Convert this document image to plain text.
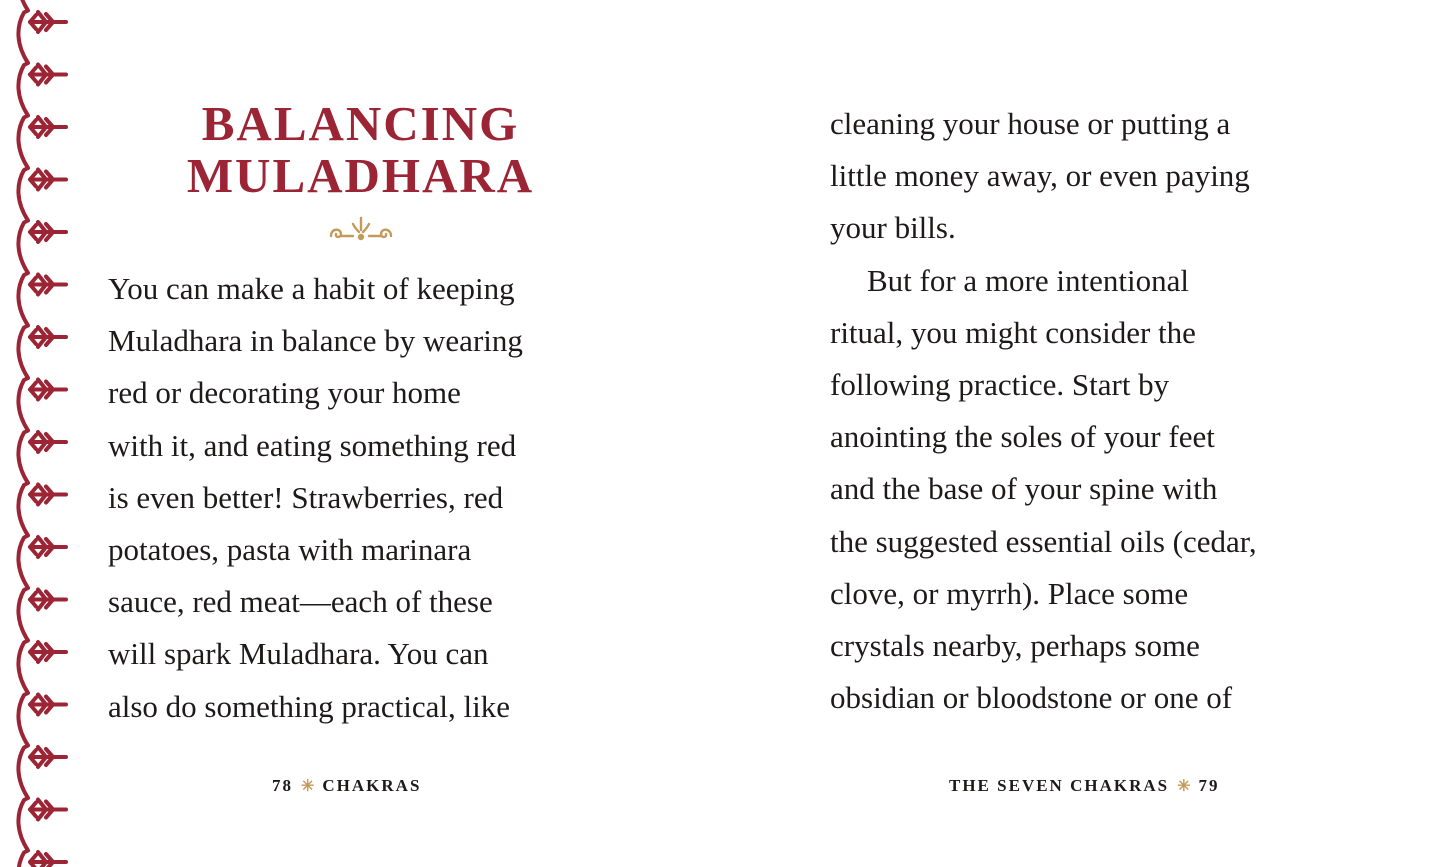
BALANCING
MULADHARA

You can make a habit of keeping
Muladhara in balance by wearing
red or decorating your home
with it, and eating something red
is even better! Strawberries, red
potatoes, pasta with marinara
sauce, red meat—each of these
will spark Muladhara. You can
also do something practical, like

78 ✳ CHAKRAS
cleaning your house or putting a
little money away, or even paying
your bills.
But for a more intentional
ritual, you might consider the
following practice. Start by
anointing the soles of your feet
and the base of your spine with
the suggested essential oils (cedar,
clove, or myrrh). Place some
crystals nearby, perhaps some
obsidian or bloodstone or one of
THE SEVEN CHAKRAS ✳ 79
